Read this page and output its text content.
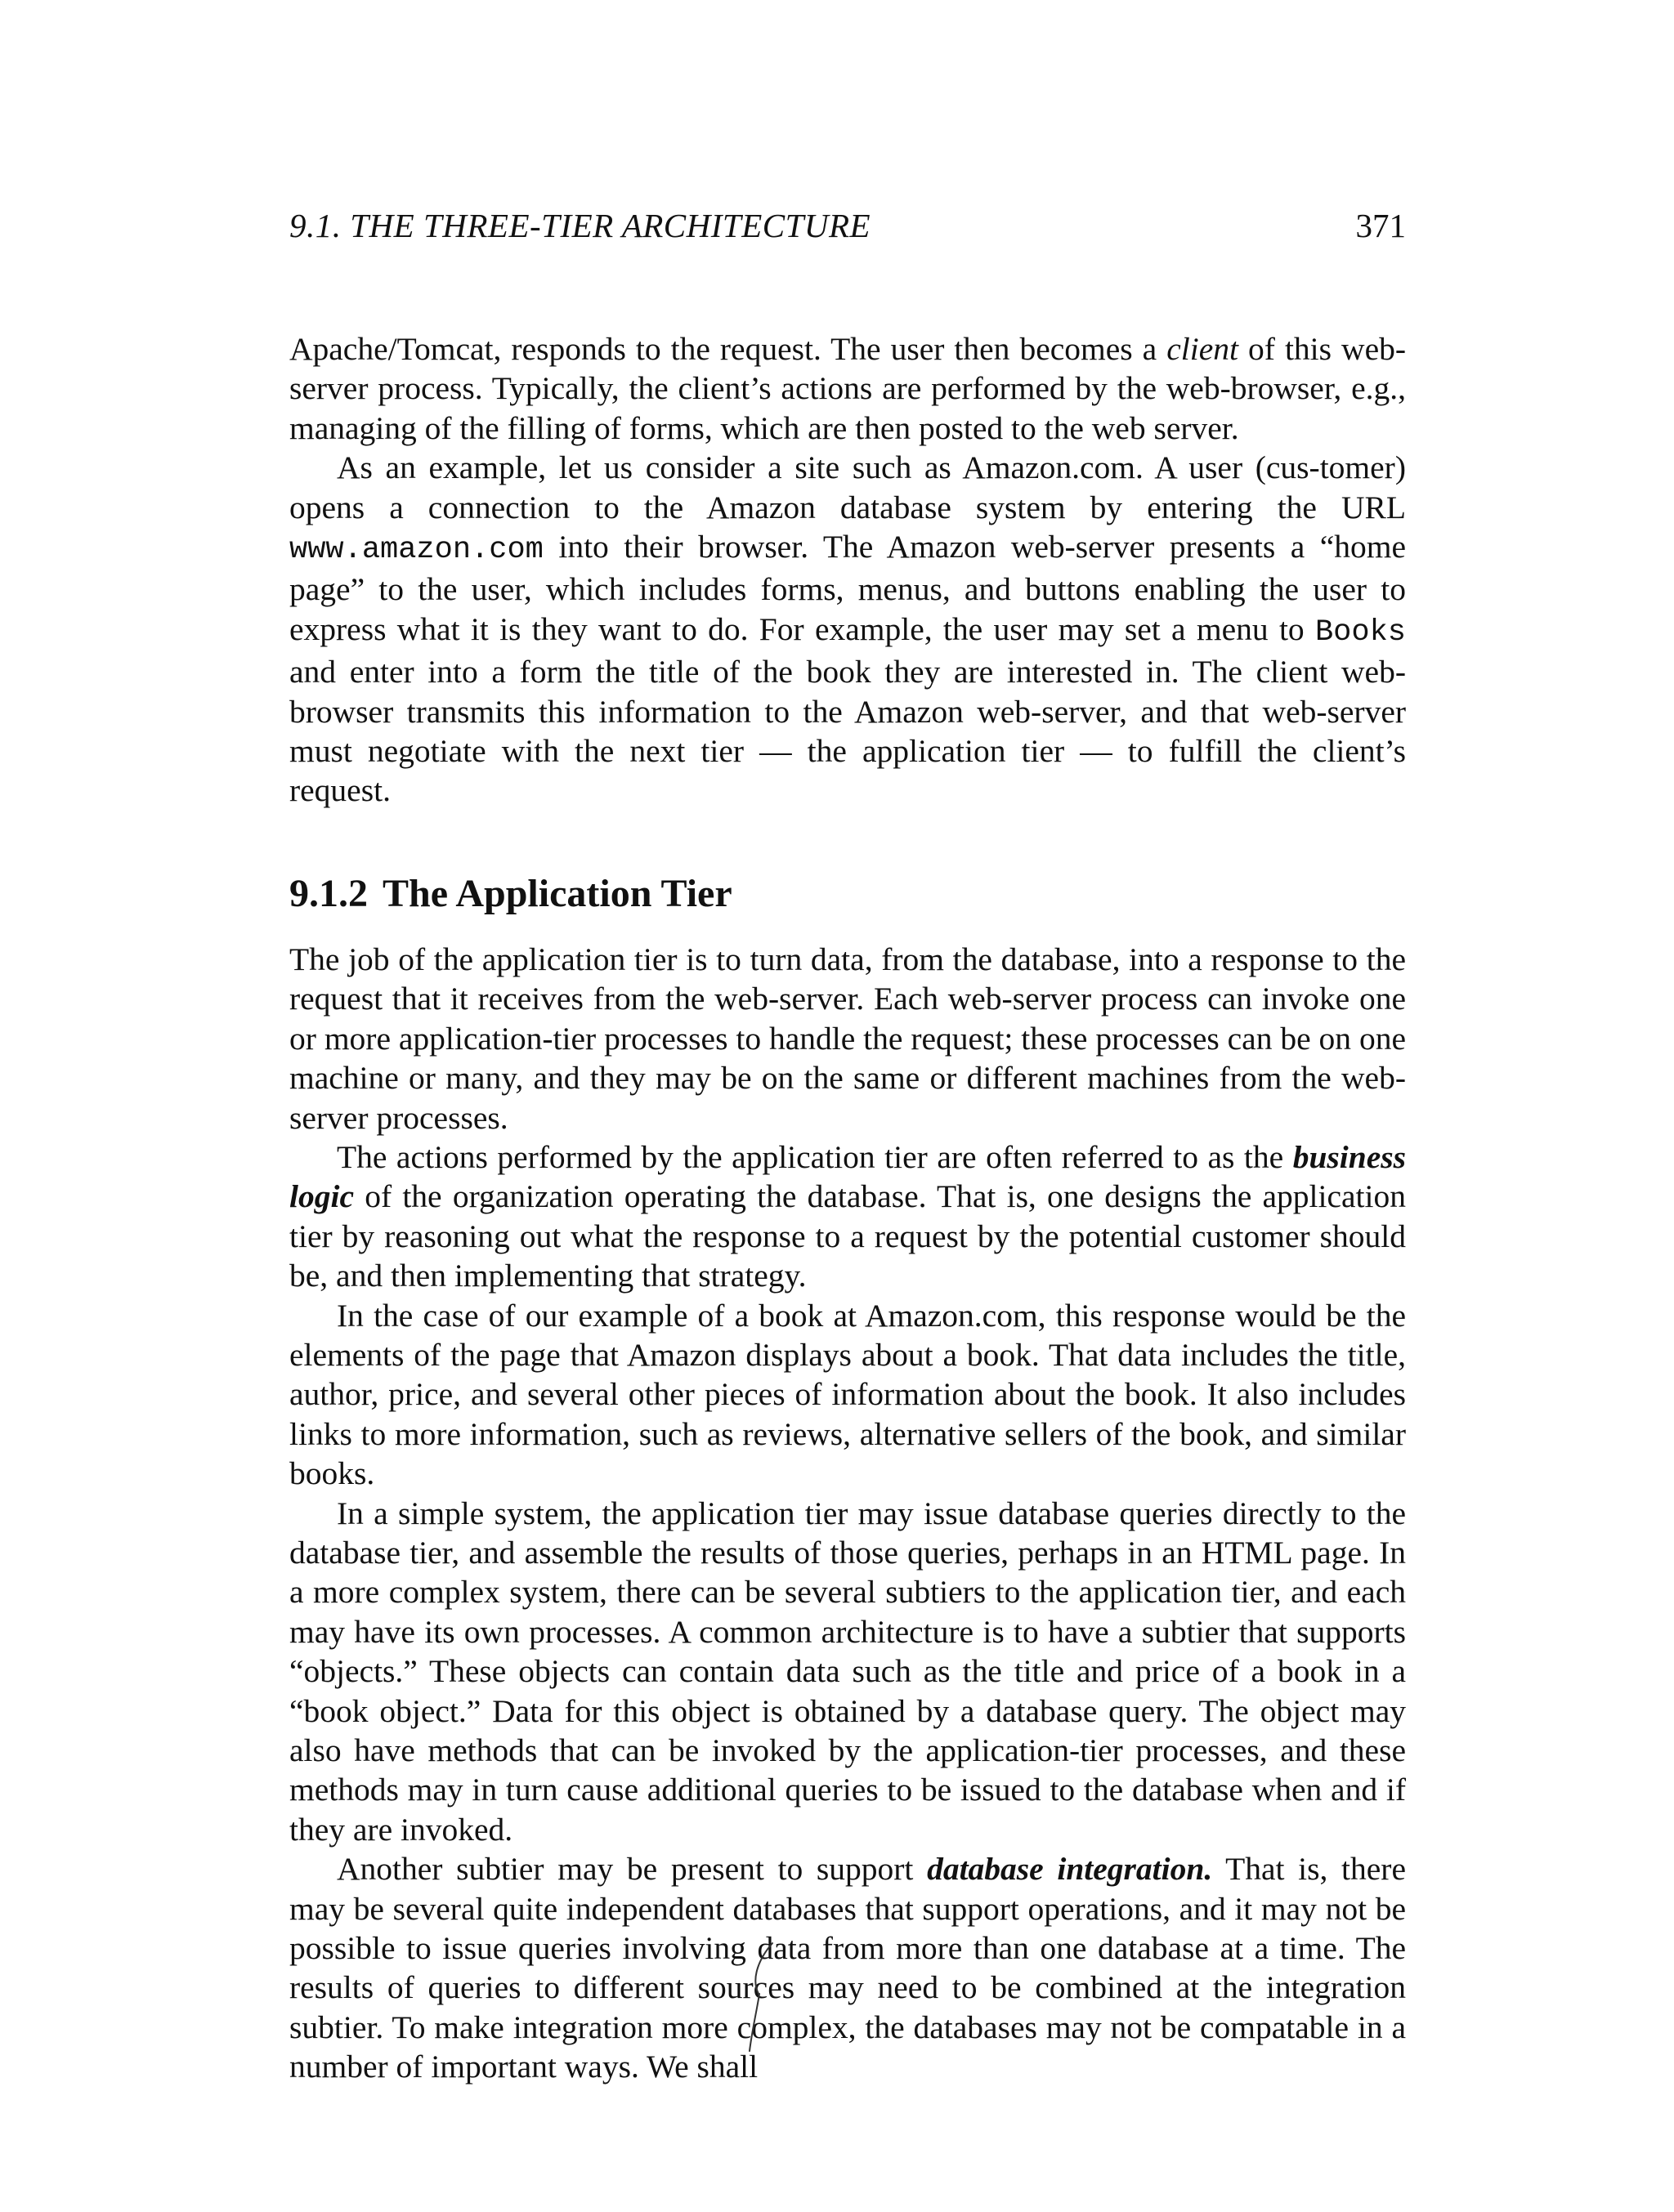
9.1. THE THREE-TIER ARCHITECTURE	371

Apache/Tomcat, responds to the request. The user then becomes a client of this web-server process. Typically, the client’s actions are performed by the web-browser, e.g., managing of the filling of forms, which are then posted to the web server.

As an example, let us consider a site such as Amazon.com. A user (cus-tomer) opens a connection to the Amazon database system by entering the URL www.amazon.com into their browser. The Amazon web-server presents a “home page” to the user, which includes forms, menus, and buttons enabling the user to express what it is they want to do. For example, the user may set a menu to Books and enter into a form the title of the book they are interested in. The client web-browser transmits this information to the Amazon web-server, and that web-server must negotiate with the next tier — the application tier — to fulfill the client’s request.

9.1.2 The Application Tier

The job of the application tier is to turn data, from the database, into a response to the request that it receives from the web-server. Each web-server process can invoke one or more application-tier processes to handle the request; these processes can be on one machine or many, and they may be on the same or different machines from the web-server processes.

The actions performed by the application tier are often referred to as the business logic of the organization operating the database. That is, one designs the application tier by reasoning out what the response to a request by the potential customer should be, and then implementing that strategy.

In the case of our example of a book at Amazon.com, this response would be the elements of the page that Amazon displays about a book. That data includes the title, author, price, and several other pieces of information about the book. It also includes links to more information, such as reviews, alternative sellers of the book, and similar books.

In a simple system, the application tier may issue database queries directly to the database tier, and assemble the results of those queries, perhaps in an HTML page. In a more complex system, there can be several subtiers to the application tier, and each may have its own processes. A common architecture is to have a subtier that supports “objects.” These objects can contain data such as the title and price of a book in a “book object.” Data for this object is obtained by a database query. The object may also have methods that can be invoked by the application-tier processes, and these methods may in turn cause additional queries to be issued to the database when and if they are invoked.

Another subtier may be present to support database integration. That is, there may be several quite independent databases that support operations, and it may not be possible to issue queries involving data from more than one database at a time. The results of queries to different sources may need to be combined at the integration subtier. To make integration more complex, the databases may not be compatable in a number of important ways. We shall
